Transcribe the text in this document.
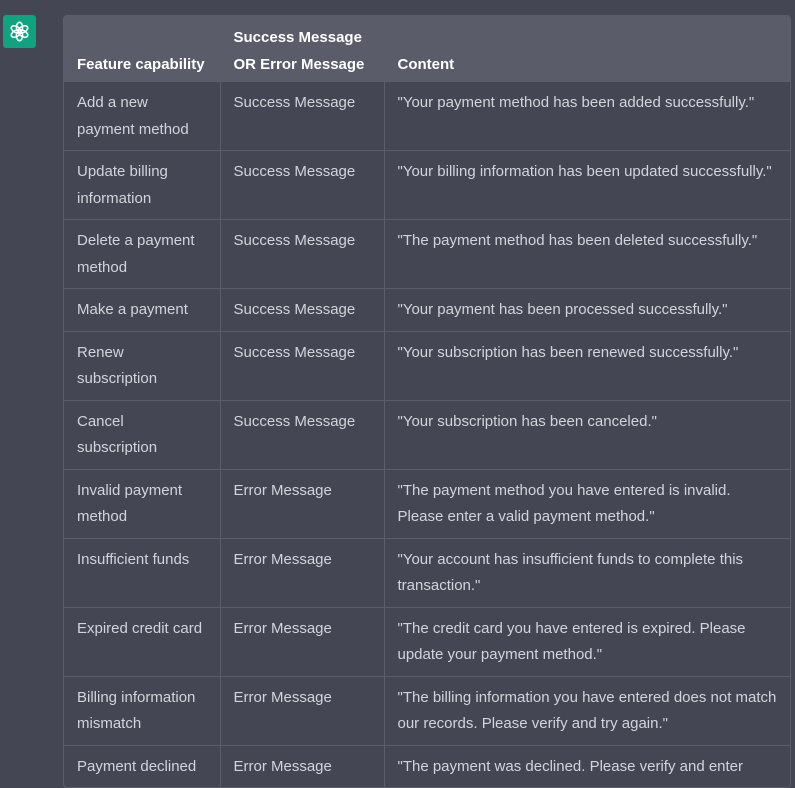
Feature capability	Success Message OR Error Message	Content
Add a new payment method	Success Message	"Your payment method has been added successfully."
Update billing information	Success Message	"Your billing information has been updated successfully."
Delete a payment method	Success Message	"The payment method has been deleted successfully."
Make a payment	Success Message	"Your payment has been processed successfully."
Renew subscription	Success Message	"Your subscription has been renewed successfully."
Cancel subscription	Success Message	"Your subscription has been canceled."
Invalid payment method	Error Message	"The payment method you have entered is invalid. Please enter a valid payment method."
Insufficient funds	Error Message	"Your account has insufficient funds to complete this transaction."
Expired credit card	Error Message	"The credit card you have entered is expired. Please update your payment method."
Billing information mismatch	Error Message	"The billing information you have entered does not match our records. Please verify and try again."
Payment declined	Error Message	"The payment was declined. Please verify and enter
